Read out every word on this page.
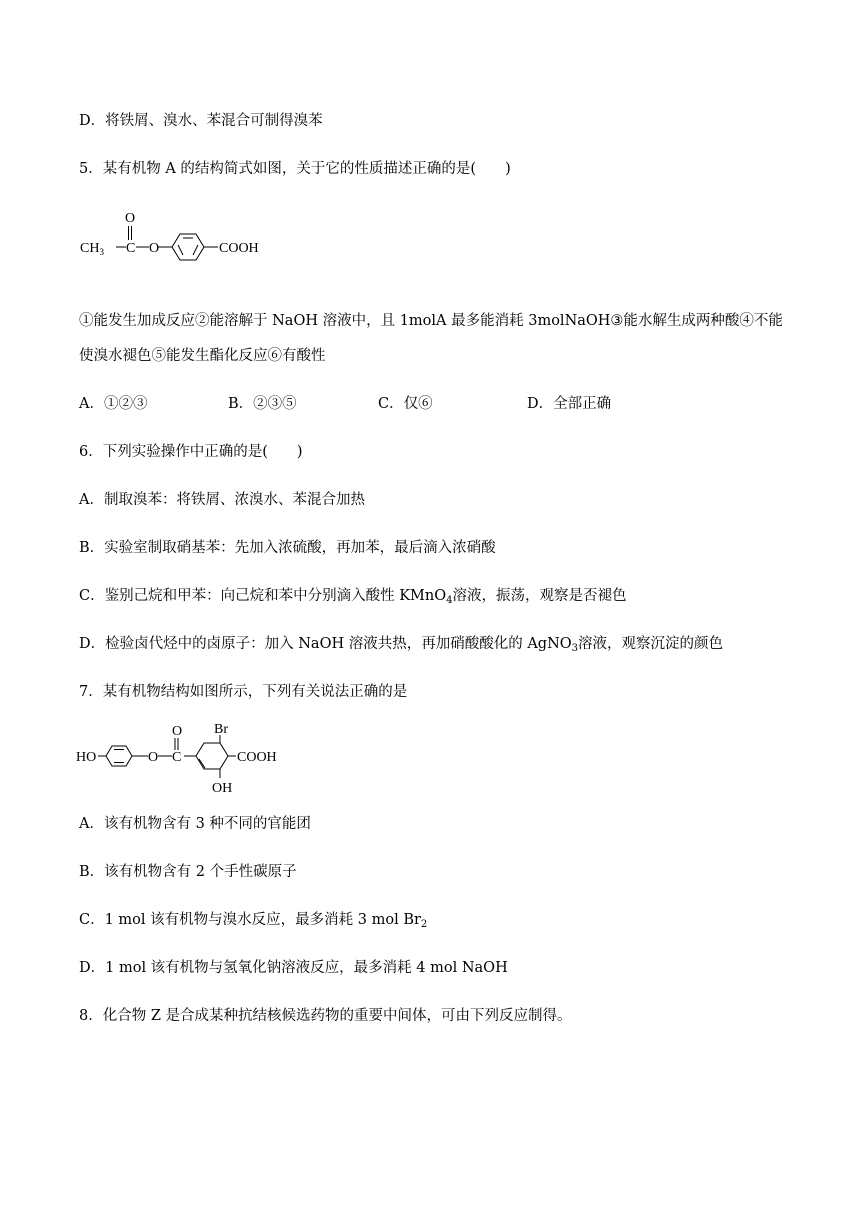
D．将铁屑、溴水、苯混合可制得溴苯
5．某有机物 A 的结构简式如图，关于它的性质描述正确的是(　　)
$CH_3$ C
O
O	COOH
①能发生加成反应②能溶解于 NaOH 溶液中，且 1molA 最多能消耗 3molNaOH③能水解生成两种酸④不能
使溴水褪色⑤能发生酯化反应⑥有酸性
A．①②③	B．②③⑤	C．仅⑥	D．全部正确
6．下列实验操作中正确的是(　　)
A．制取溴苯：将铁屑、浓溴水、苯混合加热
B．实验室制取硝基苯：先加入浓硫酸，再加苯，最后滴入浓硝酸
C．鉴别己烷和甲苯：向己烷和苯中分别滴入酸性 KMnO$_4$溶液，振荡，观察是否褪色
D．检验卤代烃中的卤原子：加入 NaOH 溶液共热，再加硝酸酸化的 AgNO$_3$溶液，观察沉淀的颜色
7．某有机物结构如图所示，下列有关说法正确的是
HO	O C
O Br
COOH
OH
A．该有机物含有 3 种不同的官能团
B．该有机物含有 2 个手性碳原子
C．1 mol 该有机物与溴水反应，最多消耗 3 mol $Br_2$
D．1 mol 该有机物与氢氧化钠溶液反应，最多消耗 4 mol NaOH
8．化合物 Z 是合成某种抗结核候选药物的重要中间体，可由下列反应制得。
